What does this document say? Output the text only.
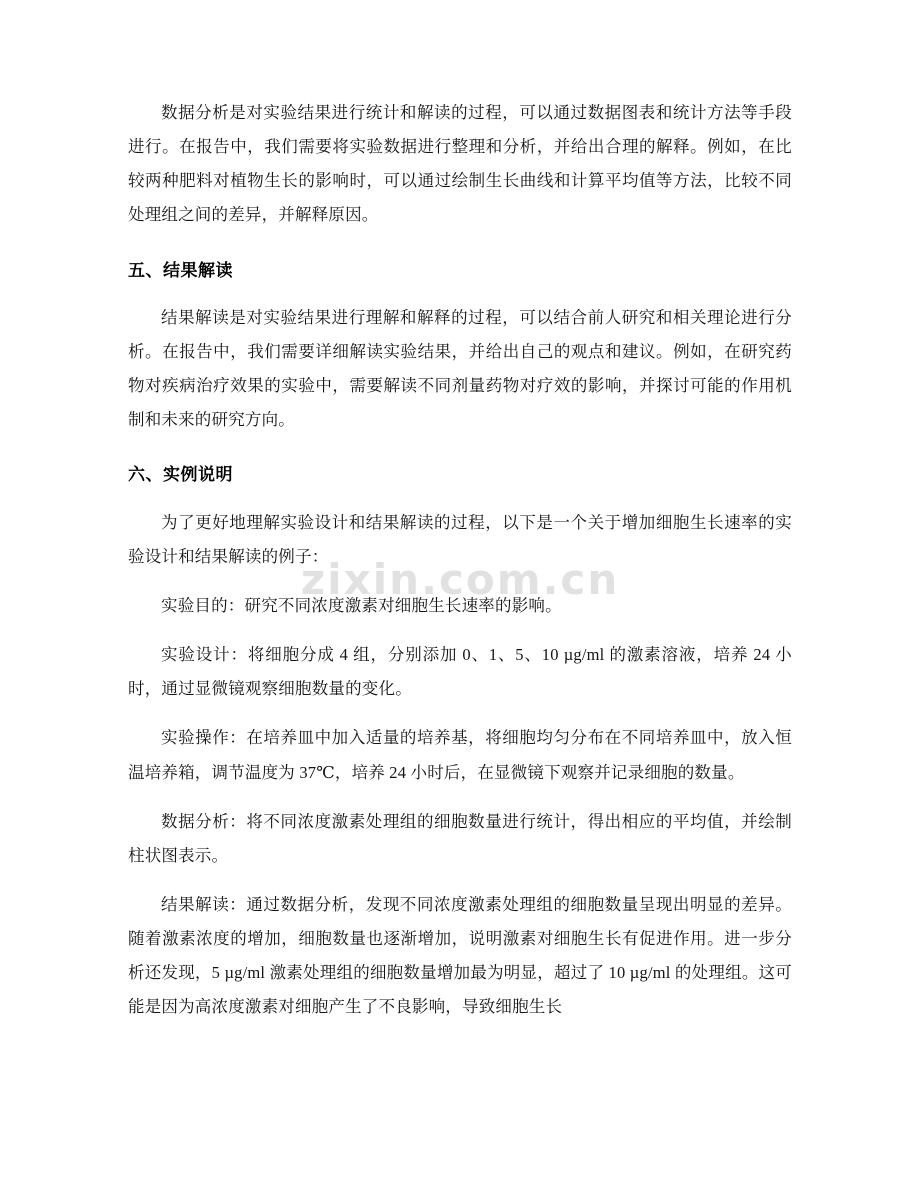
zixin.com.cn

数据分析是对实验结果进行统计和解读的过程，可以通过数据图表和统计方法等手段进行。在报告中，我们需要将实验数据进行整理和分析，并给出合理的解释。例如，在比较两种肥料对植物生长的影响时，可以通过绘制生长曲线和计算平均值等方法，比较不同处理组之间的差异，并解释原因。

五、结果解读

结果解读是对实验结果进行理解和解释的过程，可以结合前人研究和相关理论进行分析。在报告中，我们需要详细解读实验结果，并给出自己的观点和建议。例如，在研究药物对疾病治疗效果的实验中，需要解读不同剂量药物对疗效的影响，并探讨可能的作用机制和未来的研究方向。

六、实例说明

为了更好地理解实验设计和结果解读的过程，以下是一个关于增加细胞生长速率的实验设计和结果解读的例子：

实验目的：研究不同浓度激素对细胞生长速率的影响。

实验设计：将细胞分成 4 组，分别添加 0、1、5、10 µg/ml 的激素溶液，培养 24 小时，通过显微镜观察细胞数量的变化。

实验操作：在培养皿中加入适量的培养基，将细胞均匀分布在不同培养皿中，放入恒温培养箱，调节温度为 37℃，培养 24 小时后，在显微镜下观察并记录细胞的数量。

数据分析：将不同浓度激素处理组的细胞数量进行统计，得出相应的平均值，并绘制柱状图表示。

结果解读：通过数据分析，发现不同浓度激素处理组的细胞数量呈现出明显的差异。随着激素浓度的增加，细胞数量也逐渐增加，说明激素对细胞生长有促进作用。进一步分析还发现，5 µg/ml 激素处理组的细胞数量增加最为明显，超过了 10 µg/ml 的处理组。这可能是因为高浓度激素对细胞产生了不良影响，导致细胞生长
